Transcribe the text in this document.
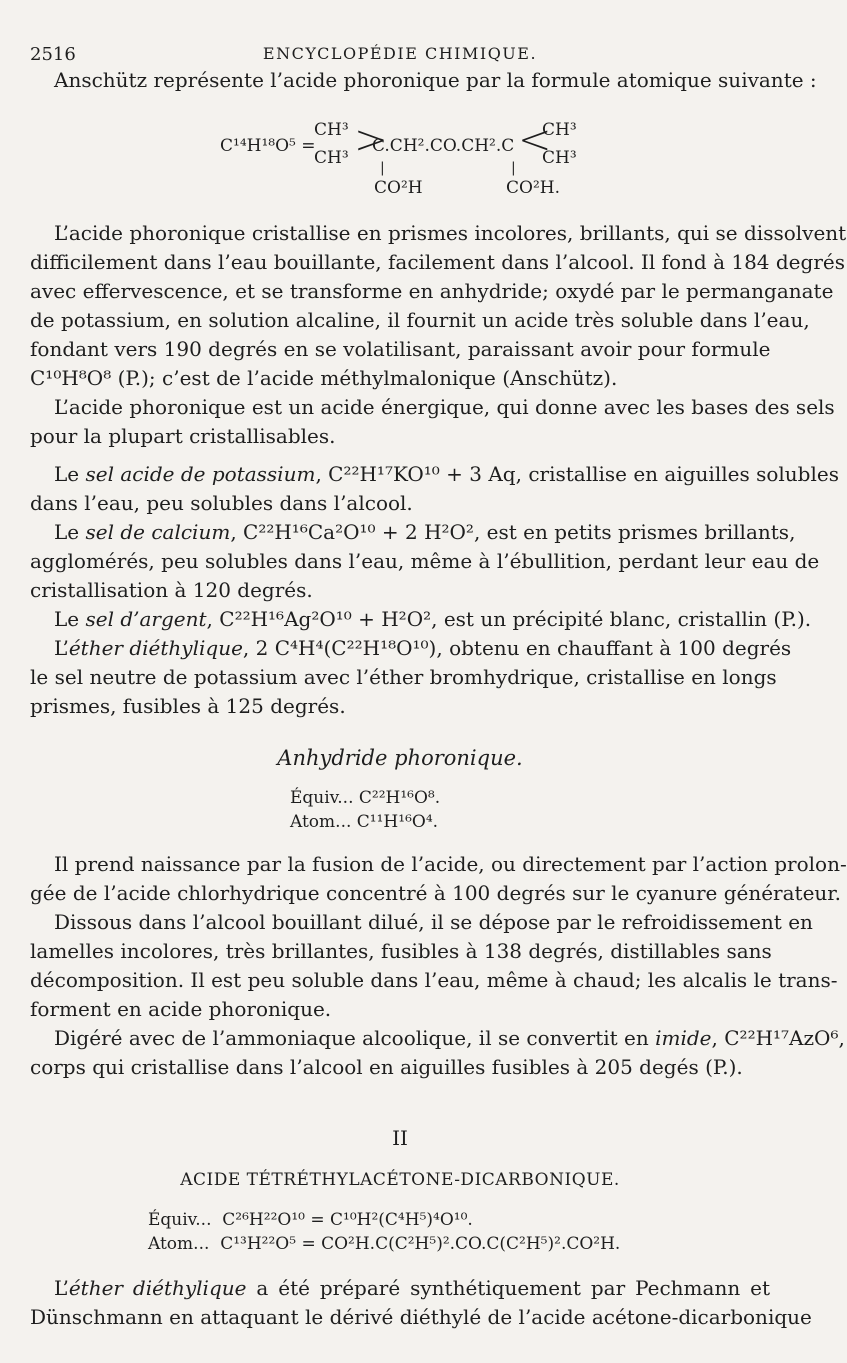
2516	ENCYCLOPÉDIE CHIMIQUE.
Anschütz représente l’acide phoronique par la formule atomique suivante :
C¹⁴H¹⁸O⁵ =
CH³
CH³ >
C.CH².CO.CH².C <
CH³
CH³
|	|
CO²H	CO²H.
L’acide phoronique cristallise en prismes incolores, brillants, qui se dissolvent
difficilement dans l’eau bouillante, facilement dans l’alcool. Il fond à 184 degrés
avec effervescence, et se transforme en anhydride; oxydé par le permanganate
de potassium, en solution alcaline, il fournit un acide très soluble dans l’eau,
fondant vers 190 degrés en se volatilisant, paraissant avoir pour formule
C¹⁰H⁸O⁸ (P.); c’est de l’acide méthylmalonique (Anschütz).
L’acide phoronique est un acide énergique, qui donne avec les bases des sels
pour la plupart cristallisables.
Le sel acide de potassium, C²²H¹⁷KO¹⁰ + 3 Aq, cristallise en aiguilles solubles
dans l’eau, peu solubles dans l’alcool.
Le sel de calcium, C²²H¹⁶Ca²O¹⁰ + 2 H²O², est en petits prismes brillants,
agglomérés, peu solubles dans l’eau, même à l’ébullition, perdant leur eau de
cristallisation à 120 degrés.
Le sel d’argent, C²²H¹⁶Ag²O¹⁰ + H²O², est un précipité blanc, cristallin (P.).
L’éther diéthylique, 2 C⁴H⁴(C²²H¹⁸O¹⁰), obtenu en chauffant à 100 degrés
le sel neutre de potassium avec l’éther bromhydrique, cristallise en longs
prismes, fusibles à 125 degrés.
Anhydride phoronique.
Équiv... C²²H¹⁶O⁸.
Atom... C¹¹H¹⁶O⁴.
Il prend naissance par la fusion de l’acide, ou directement par l’action prolon-
gée de l’acide chlorhydrique concentré à 100 degrés sur le cyanure générateur.
Dissous dans l’alcool bouillant dilué, il se dépose par le refroidissement en
lamelles incolores, très brillantes, fusibles à 138 degrés, distillables sans
décomposition. Il est peu soluble dans l’eau, même à chaud; les alcalis le trans-
forment en acide phoronique.
Digéré avec de l’ammoniaque alcoolique, il se convertit en imide, C²²H¹⁷AzO⁶,
corps qui cristallise dans l’alcool en aiguilles fusibles à 205 degés (P.).
II
ACIDE TÉTRÉTHYLACÉTONE-DICARBONIQUE.
Équiv... C²⁶H²²O¹⁰ = C¹⁰H²(C⁴H⁵)⁴O¹⁰.
Atom... C¹³H²²O⁵ = CO²H.C(C²H⁵)².CO.C(C²H⁵)².CO²H.
L’éther diéthylique a été préparé synthétiquement par Pechmann et
Dünschmann en attaquant le dérivé diéthylé de l’acide acétone-dicarbonique
